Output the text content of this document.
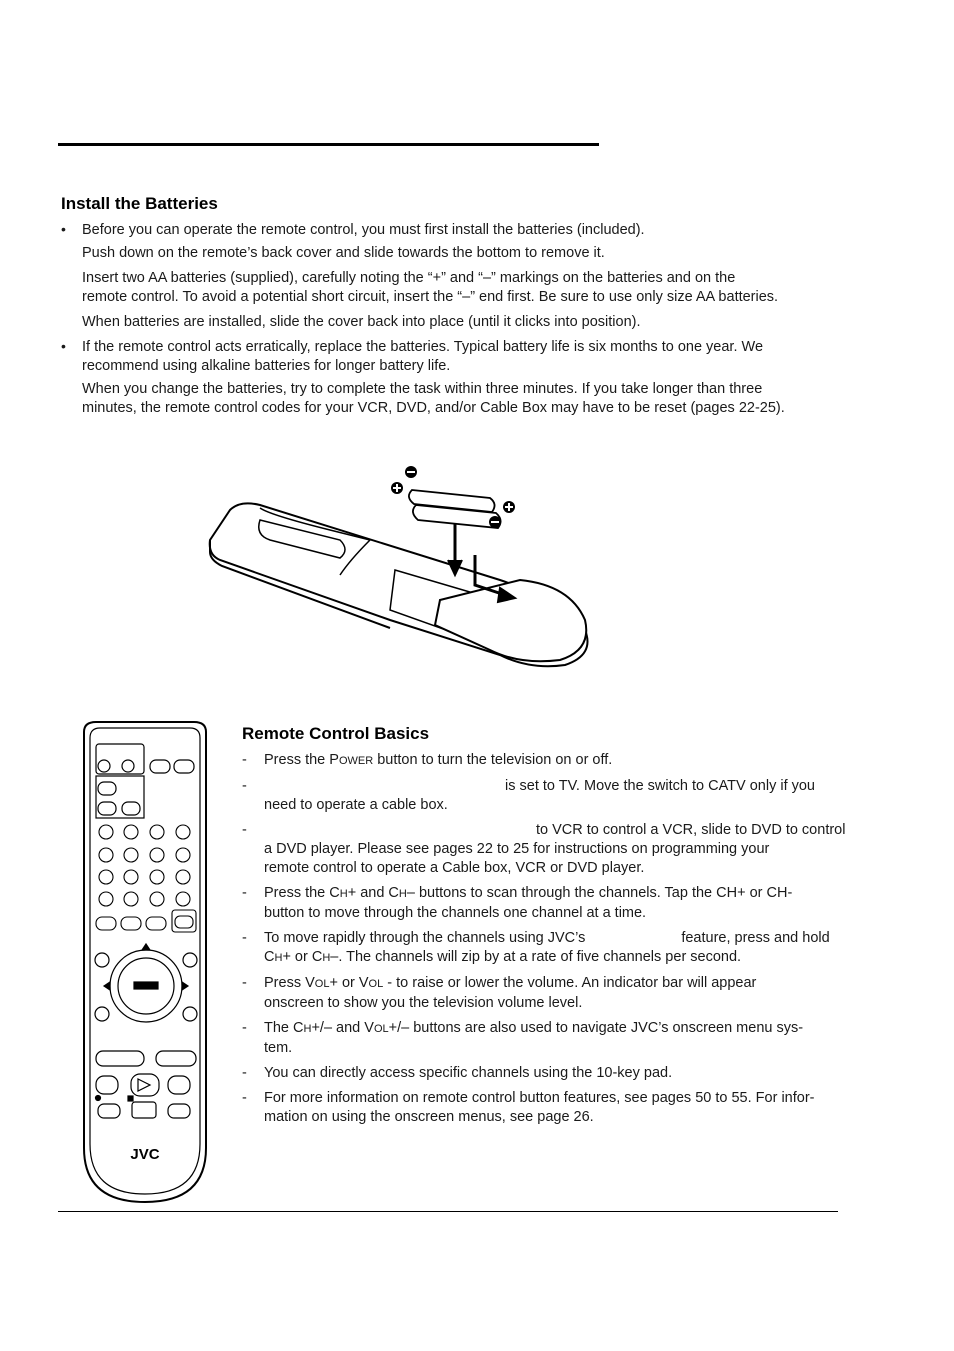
Install the Batteries
• Before you can operate the remote control, you must first install the batteries (included).

Push down on the remote’s back cover and slide towards the bottom to remove it.

Insert two AA batteries (supplied), carefully noting the “+” and “–” markings on the batteries and on the

remote control. To avoid a potential short circuit, insert the “–” end first. Be sure to use only size AA batteries.

When batteries are installed, slide the cover back into place (until it clicks into position).

• If the remote control acts erratically, replace the batteries. Typical battery life is six months to one year. We

recommend using alkaline batteries for longer battery life.

When you change the batteries, try to complete the task within three minutes. If you take longer than three

minutes, the remote control codes for your VCR, DVD, and/or Cable Box may have to be reset (pages 22-25).

JVC
Remote Control Basics
- Press the POWER button to turn the television on or off.
-	is set to TV. Move the switch to CATV only if you
need to operate a cable box.
-	to VCR to control a VCR, slide to DVD to control
a DVD player. Please see pages 22 to 25 for instructions on programming your
remote control to operate a Cable box, VCR or DVD player.
- Press the CH+ and CH– buttons to scan through the channels. Tap the CH+ or CH-
button to move through the channels one channel at a time.
- To move rapidly through the channels using JVC’s	feature, press and hold
CH+ or CH–. The channels will zip by at a rate of five channels per second.
- Press VOL+ or VOL - to raise or lower the volume. An indicator bar will appear
onscreen to show you the television volume level.
- The CH+/– and VOL+/– buttons are also used to navigate JVC’s onscreen menu sys-
tem.
- You can directly access specific channels using the 10-key pad.
- For more information on remote control button features, see pages 50 to 55. For infor-
mation on using the onscreen menus, see page 26.
